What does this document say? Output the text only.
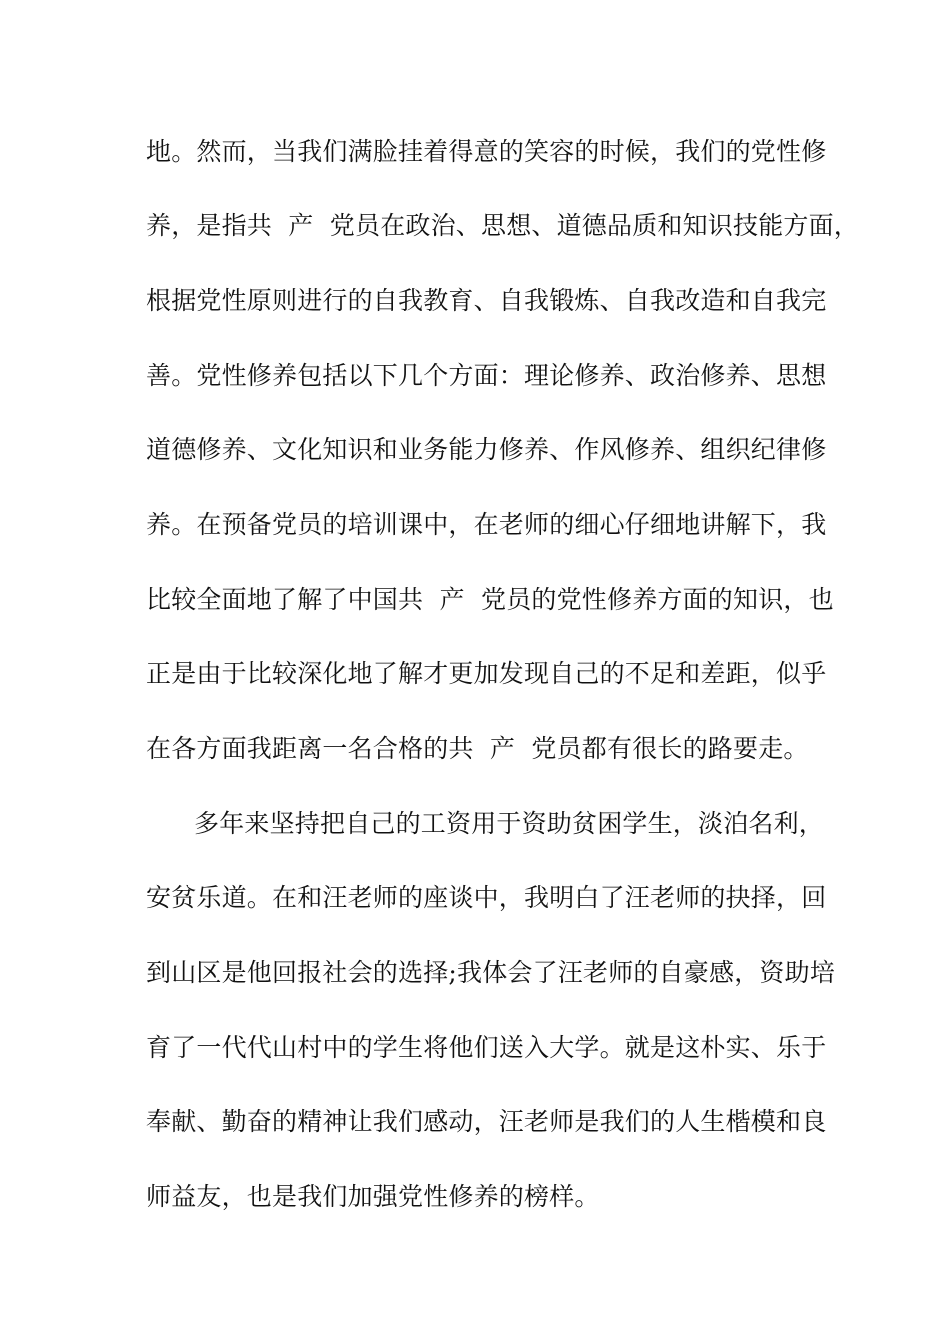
地。然而，当我们满脸挂着得意的笑容的时候，我们的党性修
养，是指共  产  党员在政治、思想、道德品质和知识技能方面，
根据党性原则进行的自我教育、自我锻炼、自我改造和自我完
善。党性修养包括以下几个方面：理论修养、政治修养、思想
道德修养、文化知识和业务能力修养、作风修养、组织纪律修
养。在预备党员的培训课中，在老师的细心仔细地讲解下，我
比较全面地了解了中国共  产  党员的党性修养方面的知识，也
正是由于比较深化地了解才更加发现自己的不足和差距，似乎
在各方面我距离一名合格的共  产  党员都有很长的路要走。
多年来坚持把自己的工资用于资助贫困学生，淡泊名利，
安贫乐道。在和汪老师的座谈中，我明白了汪老师的抉择，回
到山区是他回报社会的选择;我体会了汪老师的自豪感，资助培
育了一代代山村中的学生将他们送入大学。就是这朴实、乐于
奉献、勤奋的精神让我们感动，汪老师是我们的人生楷模和良
师益友，也是我们加强党性修养的榜样。
